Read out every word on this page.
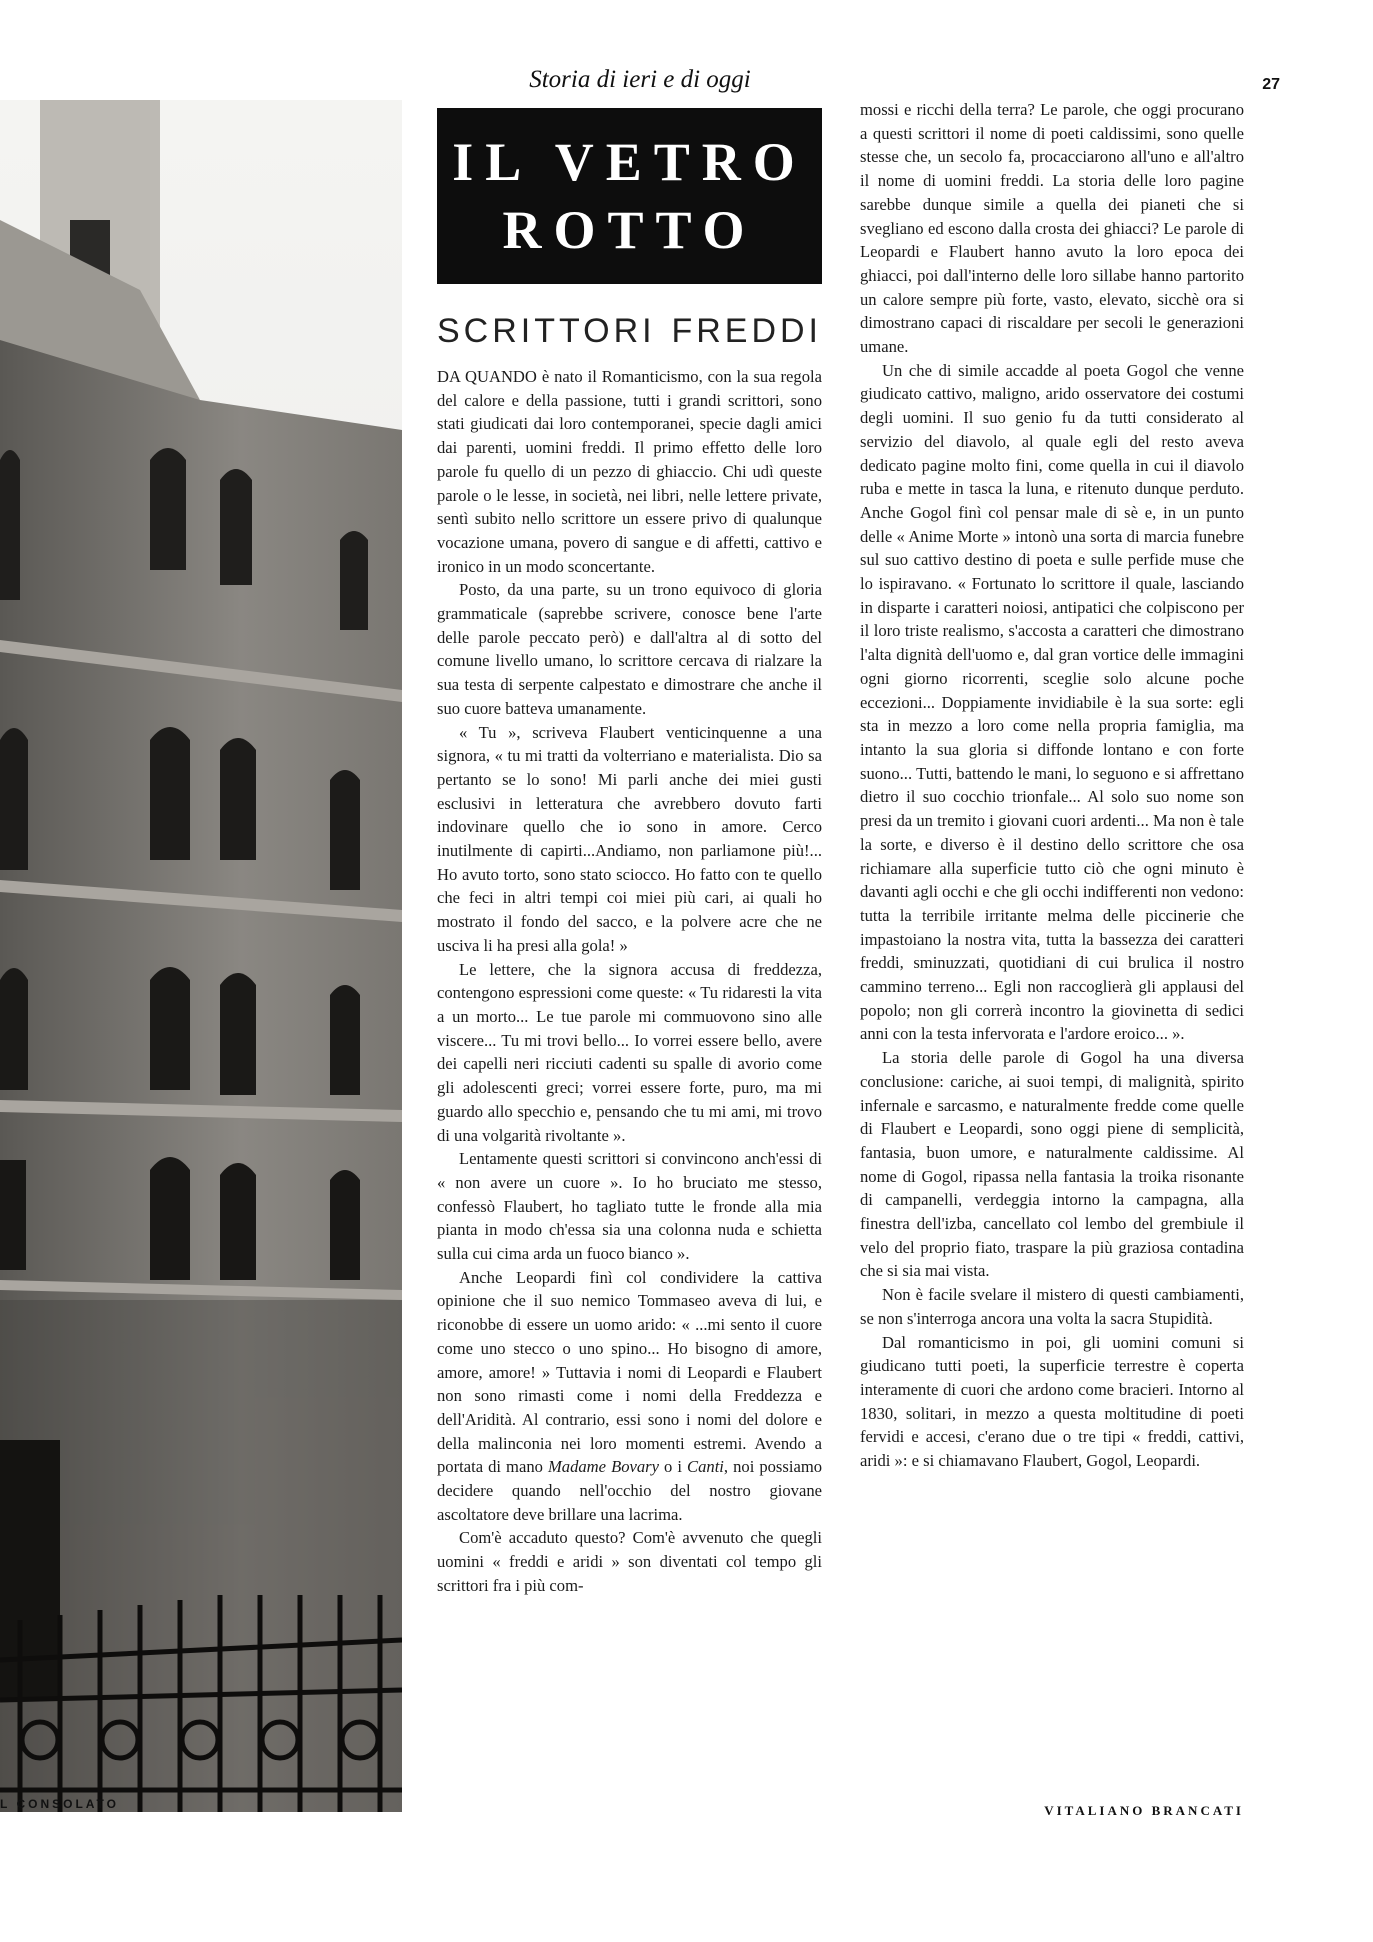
L CONSOLATO
Storia di ieri e di oggi	27
IL VETRO
ROTTO
SCRITTORI FREDDI

DA QUANDO è nato il Romanticismo, con la sua regola del calore e della passione, tutti i grandi scrittori, sono stati giudicati dai loro contemporanei, specie dagli amici dai parenti, uomini freddi. Il primo effetto delle loro parole fu quello di un pezzo di ghiaccio. Chi udì queste parole o le lesse, in società, nei libri, nelle lettere private, sentì subito nello scrittore un essere privo di qualunque vocazione umana, povero di sangue e di affetti, cattivo e ironico in un modo sconcertante.

Posto, da una parte, su un trono equivoco di gloria grammaticale (saprebbe scrivere, conosce bene l'arte delle parole peccato però) e dall'altra al di sotto del comune livello umano, lo scrittore cercava di rialzare la sua testa di serpente calpestato e dimostrare che anche il suo cuore batteva umanamente.

« Tu », scriveva Flaubert venticinquenne a una signora, « tu mi tratti da volterriano e materialista. Dio sa pertanto se lo sono! Mi parli anche dei miei gusti esclusivi in letteratura che avrebbero dovuto farti indovinare quello che io sono in amore. Cerco inutilmente di capirti...Andiamo, non parliamone più!... Ho avuto torto, sono stato sciocco. Ho fatto con te quello che feci in altri tempi coi miei più cari, ai quali ho mostrato il fondo del sacco, e la polvere acre che ne usciva li ha presi alla gola! »

Le lettere, che la signora accusa di freddezza, contengono espressioni come queste: « Tu ridaresti la vita a un morto... Le tue parole mi commuovono sino alle viscere... Tu mi trovi bello... Io vorrei essere bello, avere dei capelli neri ricciuti cadenti su spalle di avorio come gli adolescenti greci; vorrei essere forte, puro, ma mi guardo allo specchio e, pensando che tu mi ami, mi trovo di una volgarità rivoltante ».

Lentamente questi scrittori si convincono anch'essi di « non avere un cuore ». Io ho bruciato me stesso, confessò Flaubert, ho tagliato tutte le fronde alla mia pianta in modo ch'essa sia una colonna nuda e schietta sulla cui cima arda un fuoco bianco ».

Anche Leopardi finì col condividere la cattiva opinione che il suo nemico Tommaseo aveva di lui, e riconobbe di essere un uomo arido: « ...mi sento il cuore come uno stecco o uno spino... Ho bisogno di amore, amore, amore! » Tuttavia i nomi di Leopardi e Flaubert non sono rimasti come i nomi della Freddezza e dell'Aridità. Al contrario, essi sono i nomi del dolore e della malinconia nei loro momenti estremi. Avendo a portata di mano Madame Bovary o i Canti, noi possiamo decidere quando nell'occhio del nostro giovane ascoltatore deve brillare una lacrima.

Com'è accaduto questo? Com'è avvenuto che quegli uomini « freddi e aridi » son diventati col tempo gli scrittori fra i più com-

mossi e ricchi della terra? Le parole, che oggi procurano a questi scrittori il nome di poeti caldissimi, sono quelle stesse che, un secolo fa, procacciarono all'uno e all'altro il nome di uomini freddi. La storia delle loro pagine sarebbe dunque simile a quella dei pianeti che si svegliano ed escono dalla crosta dei ghiacci? Le parole di Leopardi e Flaubert hanno avuto la loro epoca dei ghiacci, poi dall'interno delle loro sillabe hanno partorito un calore sempre più forte, vasto, elevato, sicchè ora si dimostrano capaci di riscaldare per secoli le generazioni umane.

Un che di simile accadde al poeta Gogol che venne giudicato cattivo, maligno, arido osservatore dei costumi degli uomini. Il suo genio fu da tutti considerato al servizio del diavolo, al quale egli del resto aveva dedicato pagine molto fini, come quella in cui il diavolo ruba e mette in tasca la luna, e ritenuto dunque perduto. Anche Gogol finì col pensar male di sè e, in un punto delle « Anime Morte » intonò una sorta di marcia funebre sul suo cattivo destino di poeta e sulle perfide muse che lo ispiravano. « Fortunato lo scrittore il quale, lasciando in disparte i caratteri noiosi, antipatici che colpiscono per il loro triste realismo, s'accosta a caratteri che dimostrano l'alta dignità dell'uomo e, dal gran vortice delle immagini ogni giorno ricorrenti, sceglie solo alcune poche eccezioni... Doppiamente invidiabile è la sua sorte: egli sta in mezzo a loro come nella propria famiglia, ma intanto la sua gloria si diffonde lontano e con forte suono... Tutti, battendo le mani, lo seguono e si affrettano dietro il suo cocchio trionfale... Al solo suo nome son presi da un tremito i giovani cuori ardenti... Ma non è tale la sorte, e diverso è il destino dello scrittore che osa richiamare alla superficie tutto ciò che ogni minuto è davanti agli occhi e che gli occhi indifferenti non vedono: tutta la terribile irritante melma delle piccinerie che impastoiano la nostra vita, tutta la bassezza dei caratteri freddi, sminuzzati, quotidiani di cui brulica il nostro cammino terreno... Egli non raccoglierà gli applausi del popolo; non gli correrà incontro la giovinetta di sedici anni con la testa infervorata e l'ardore eroico... ».

La storia delle parole di Gogol ha una diversa conclusione: cariche, ai suoi tempi, di malignità, spirito infernale e sarcasmo, e naturalmente fredde come quelle di Flaubert e Leopardi, sono oggi piene di semplicità, fantasia, buon umore, e naturalmente caldissime. Al nome di Gogol, ripassa nella fantasia la troika risonante di campanelli, verdeggia intorno la campagna, alla finestra dell'izba, cancellato col lembo del grembiule il velo del proprio fiato, traspare la più graziosa contadina che si sia mai vista.

Non è facile svelare il mistero di questi cambiamenti, se non s'interroga ancora una volta la sacra Stupidità.

Dal romanticismo in poi, gli uomini comuni si giudicano tutti poeti, la superficie terrestre è coperta interamente di cuori che ardono come bracieri. Intorno al 1830, solitari, in mezzo a questa moltitudine di poeti fervidi e accesi, c'erano due o tre tipi « freddi, cattivi, aridi »: e si chiamavano Flaubert, Gogol, Leopardi.

VITALIANO BRANCATI
